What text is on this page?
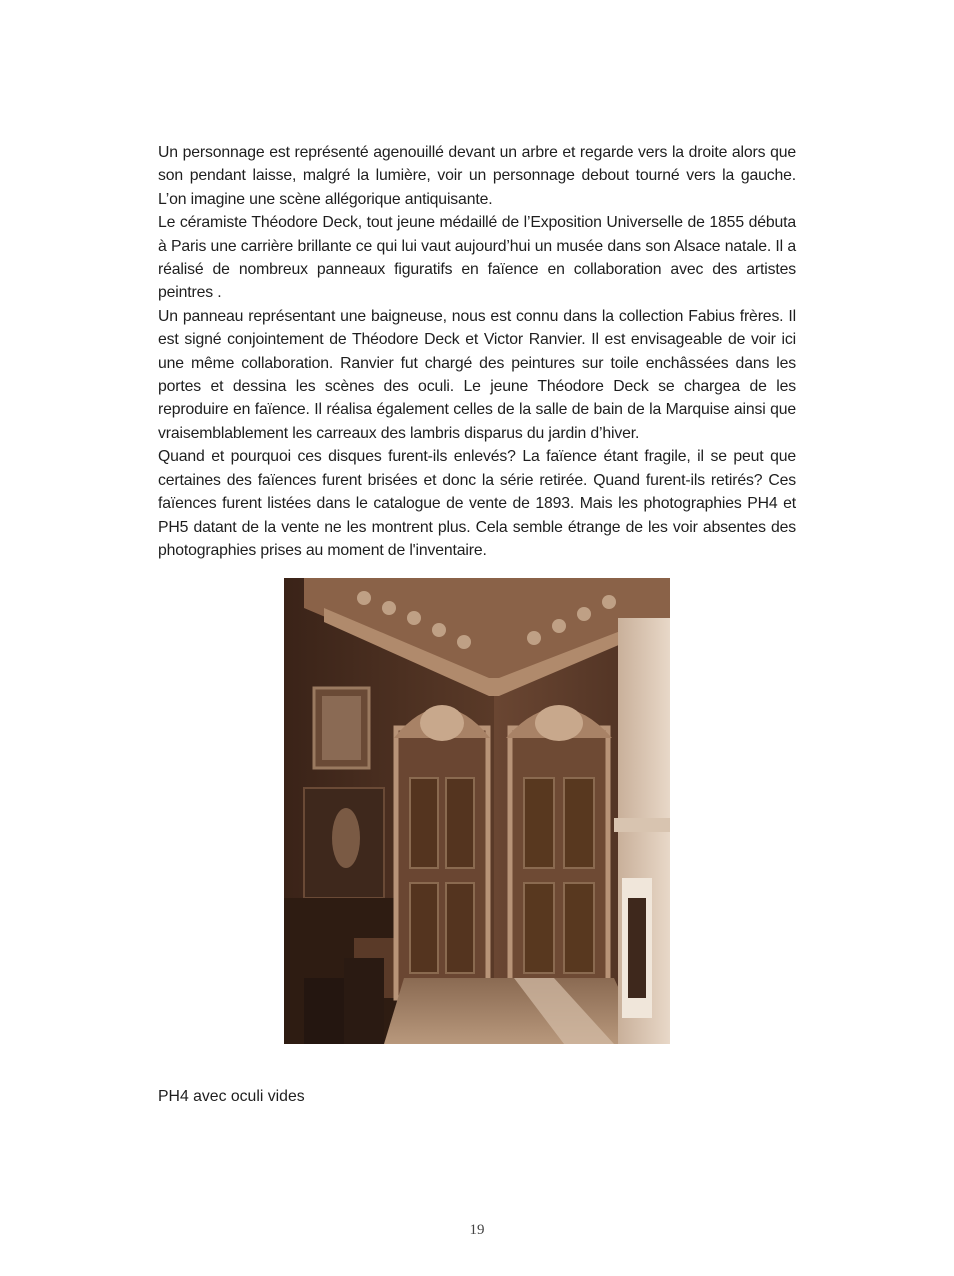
Un personnage est représenté agenouillé devant un arbre et regarde vers la droite alors que son pendant laisse, malgré la lumière, voir un personnage debout tourné vers la gauche. L’on imagine une scène allégorique antiquisante.

Le céramiste Théodore Deck, tout jeune médaillé de l’Exposition Universelle de 1855 débuta à Paris une carrière brillante ce qui lui vaut aujourd’hui un musée dans son Alsace natale. Il a réalisé de nombreux panneaux figuratifs en faïence en collaboration avec des artistes peintres .

Un panneau représentant une baigneuse, nous est connu dans la collection Fabius frères. Il est signé conjointement de Théodore Deck et Victor Ranvier. Il est envisageable de voir ici une même collaboration. Ranvier fut chargé des peintures sur toile enchâssées dans les portes et dessina les scènes des oculi. Le jeune Théodore Deck se chargea de les reproduire en faïence. Il réalisa également celles de la salle de bain de la Marquise ainsi que vraisemblablement les carreaux des lambris disparus du jardin d’hiver.

Quand et pourquoi ces disques furent-ils enlevés? La faïence étant fragile, il se peut que certaines des faïences furent brisées et donc la série retirée. Quand furent-ils retirés? Ces faïences furent listées dans le catalogue de vente de 1893. Mais les photographies PH4 et PH5 datant de la vente ne les montrent plus. Cela semble étrange de les voir absentes des photographies prises au moment de l'inventaire.

PH4 avec oculi vides
19
